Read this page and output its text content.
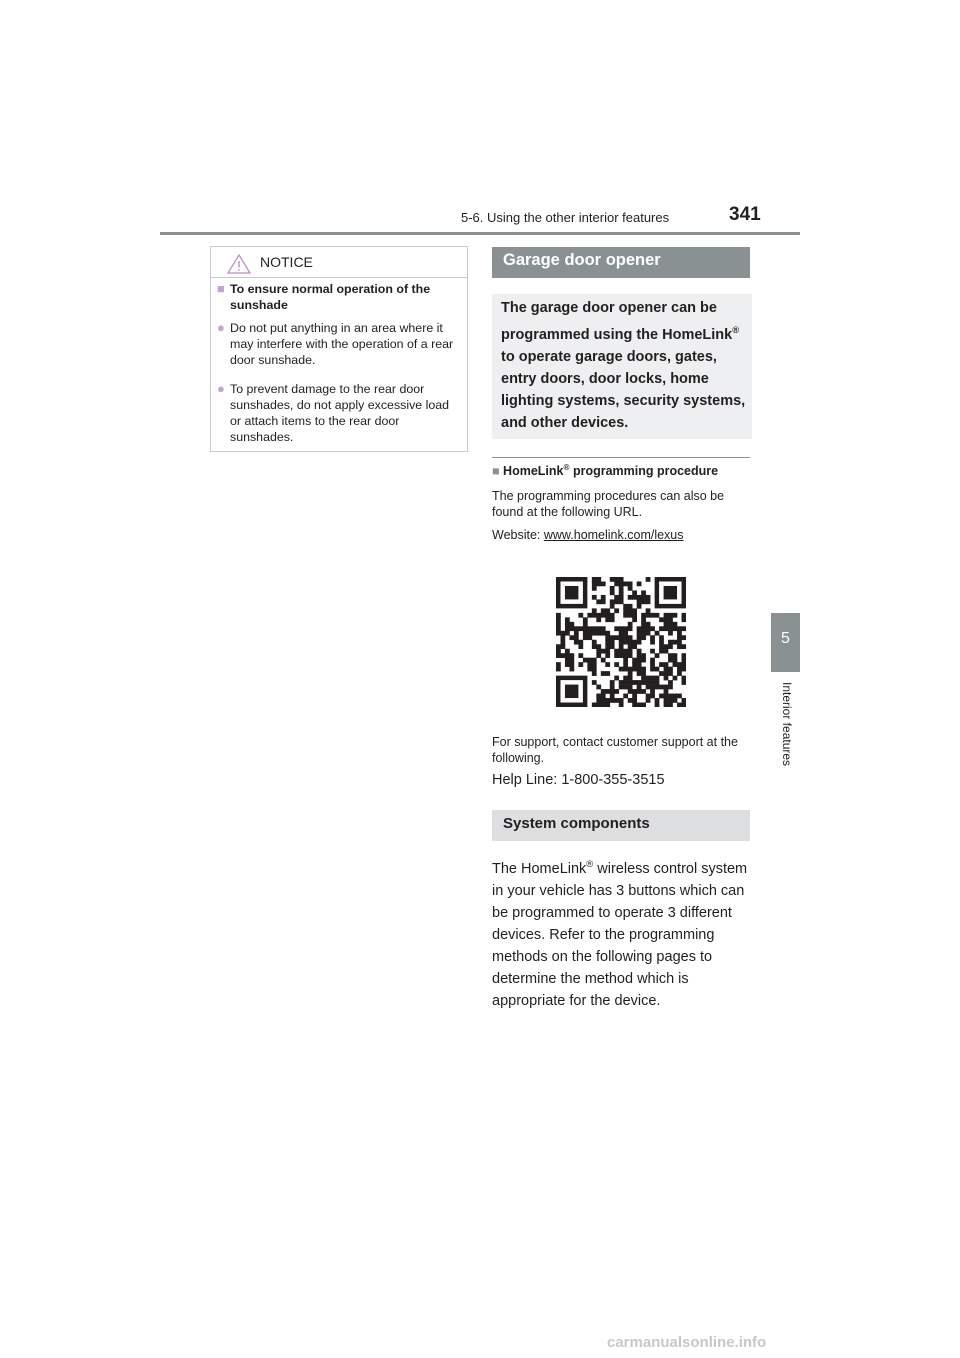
5-6. Using the other interior features	341
5
Interior features
NOTICE
■ To ensure normal operation of the sunshade
● Do not put anything in an area where it may interfere with the operation of a rear door sunshade.
● To prevent damage to the rear door sunshades, do not apply excessive load or attach items to the rear door sunshades.
Garage door opener

The garage door opener can be programmed using the HomeLink® to operate garage doors, gates, entry doors, door locks, home lighting systems, security systems, and other devices.

■ HomeLink® programming procedure
The programming procedures can also be found at the following URL.
Website: www.homelink.com/lexus
For support, contact customer support at the following.
Help Line: 1-800-355-3515
System components
The HomeLink® wireless control system in your vehicle has 3 buttons which can be programmed to operate 3 different devices. Refer to the programming methods on the following pages to determine the method which is appropriate for the device.
carmanualsonline.info
